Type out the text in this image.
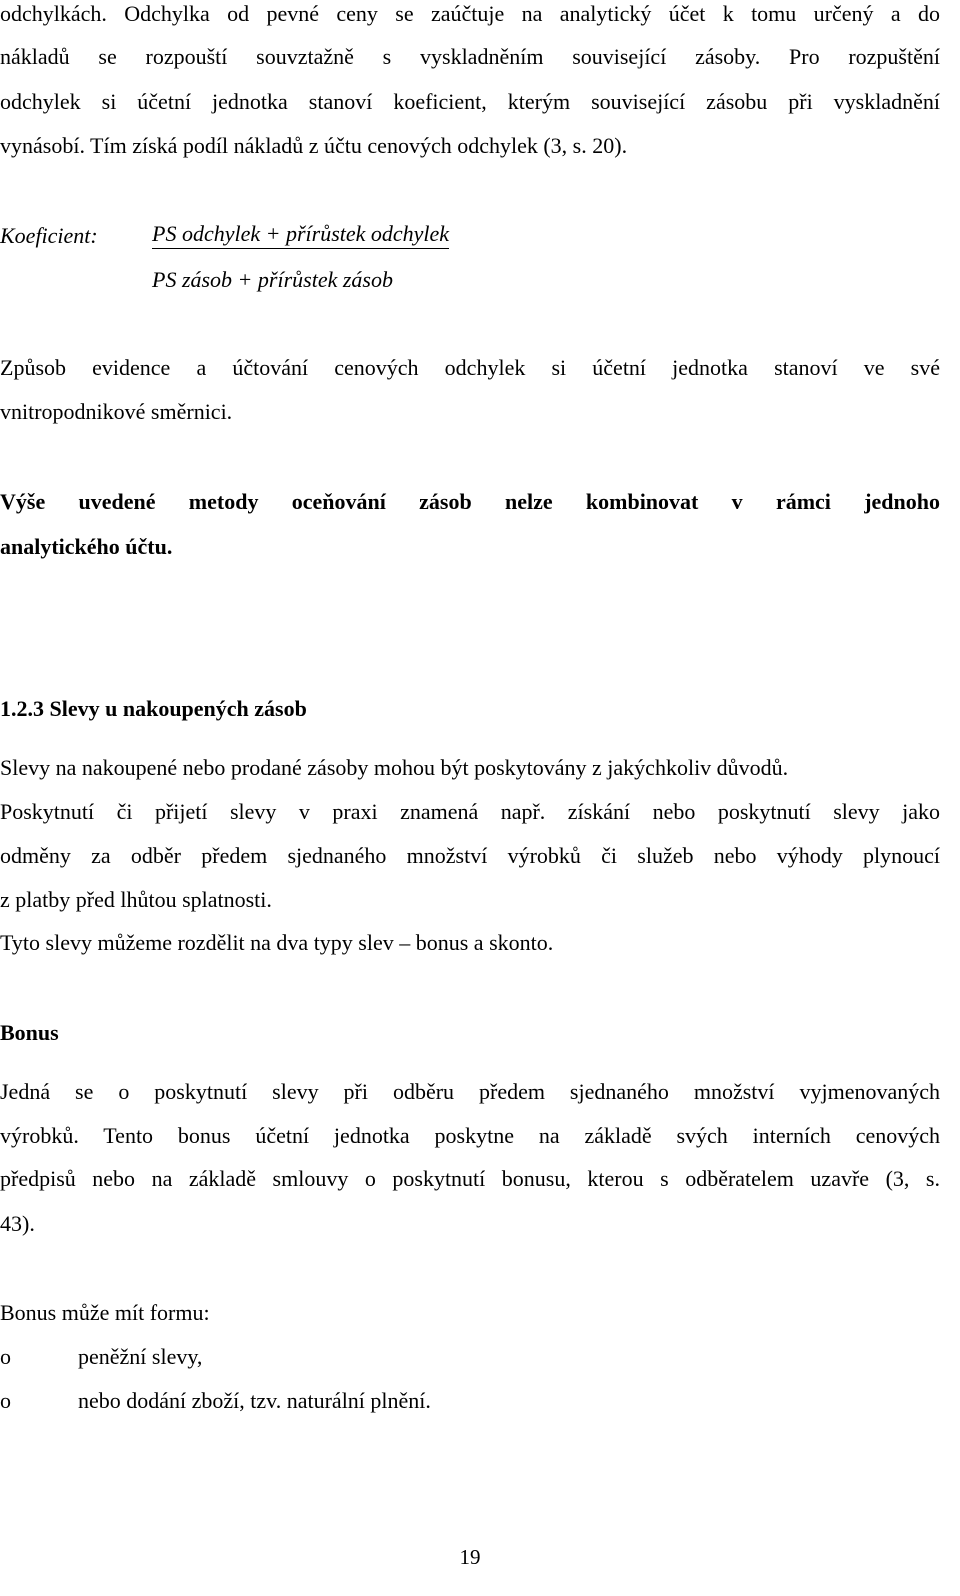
odchylkách. Odchylka od pevné ceny se zaúčtuje na analytický účet k tomu určený a do
nákladů se rozpouští souvztažně s vyskladněním související zásoby. Pro rozpuštění
odchylek si účetní jednotka stanoví koeficient, kterým související zásobu při vyskladnění
vynásobí. Tím získá podíl nákladů z účtu cenových odchylek (3, s. 20).
Koeficient: PS odchylek + přírůstek odchylek
PS zásob + přírůstek zásob
Způsob evidence a účtování cenových odchylek si účetní jednotka stanoví ve své
vnitropodnikové směrnici.
Výše uvedené metody oceňování zásob nelze kombinovat v rámci jednoho
analytického účtu.
1.2.3 Slevy u nakoupených zásob
Slevy na nakoupené nebo prodané zásoby mohou být poskytovány z jakýchkoliv důvodů.
Poskytnutí či přijetí slevy v praxi znamená např. získání nebo poskytnutí slevy jako
odměny za odběr předem sjednaného množství výrobků či služeb nebo výhody plynoucí
z platby před lhůtou splatnosti.
Tyto slevy můžeme rozdělit na dva typy slev – bonus a skonto.
Bonus
Jedná se o poskytnutí slevy při odběru předem sjednaného množství vyjmenovaných
výrobků. Tento bonus účetní jednotka poskytne na základě svých interních cenových
předpisů nebo na základě smlouvy o poskytnutí bonusu, kterou s odběratelem uzavře (3, s.
43).
Bonus může mít formu:
o	peněžní slevy,
o	nebo dodání zboží, tzv. naturální plnění.
19
